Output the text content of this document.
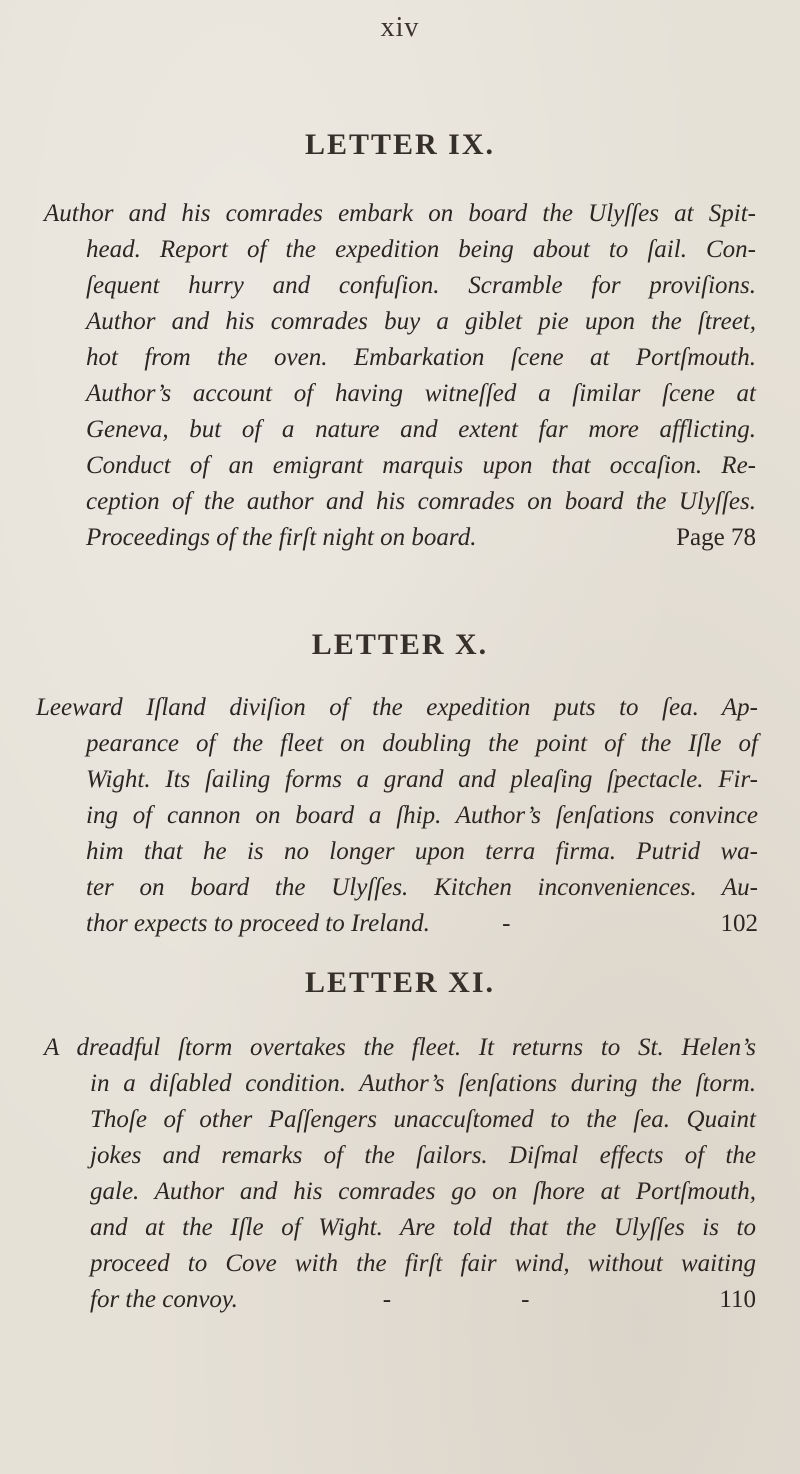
xiv
LETTER IX.
Author and his comrades embark on board the Ulyſſes at Spit-
head. Report of the expedition being about to ſail. Con-
ſequent hurry and confuſion. Scramble for proviſions.
Author and his comrades buy a giblet pie upon the ſtreet,
hot from the oven. Embarkation ſcene at Portſmouth.
Author’s account of having witneſſed a ſimilar ſcene at
Geneva, but of a nature and extent far more afflicting.
Conduct of an emigrant marquis upon that occaſion. Re-
ception of the author and his comrades on board the Ulyſſes.
Proceedings of the firſt night on board.	Page 78
LETTER X.
Leeward Iſland diviſion of the expedition puts to ſea. Ap-
pearance of the fleet on doubling the point of the Iſle of
Wight. Its ſailing forms a grand and pleaſing ſpectacle. Fir-
ing of cannon on board a ſhip. Author’s ſenſations convince
him that he is no longer upon terra firma. Putrid wa-
ter on board the Ulyſſes. Kitchen inconveniences. Au-
thor expects to proceed to Ireland.	-	102
LETTER XI.
A dreadful ſtorm overtakes the fleet. It returns to St. Helen’s
in a diſabled condition. Author’s ſenſations during the ſtorm.
Thoſe of other Paſſengers unaccuſtomed to the ſea. Quaint
jokes and remarks of the ſailors. Diſmal effects of the
gale. Author and his comrades go on ſhore at Portſmouth,
and at the Iſle of Wight. Are told that the Ulyſſes is to
proceed to Cove with the firſt fair wind, without waiting
for the convoy.	-	-	110
